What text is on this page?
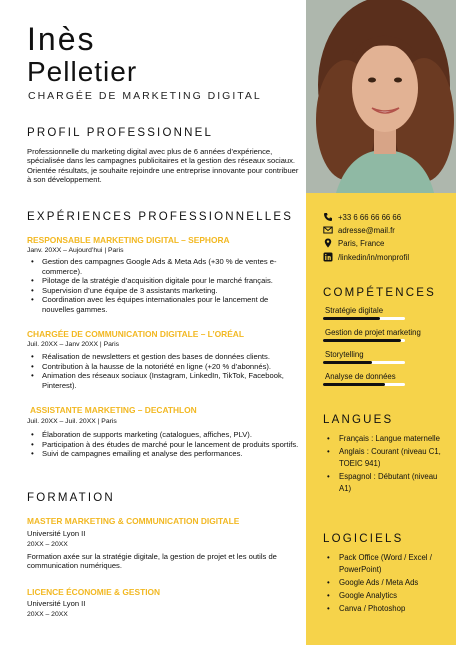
Inès
Pelletier
CHARGÉE DE MARKETING DIGITAL
PROFIL PROFESSIONNEL
Professionnelle du marketing digital avec plus de 6 années d’expérience, spécialisée dans les campagnes publicitaires et la gestion des réseaux sociaux. Orientée résultats, je souhaite rejoindre une entreprise innovante pour contribuer à son développement.
EXPÉRIENCES PROFESSIONNELLES
RESPONSABLE MARKETING DIGITAL – SEPHORA
Janv. 20XX – Aujourd’hui | Paris
• Gestion des campagnes Google Ads & Meta Ads (+30 % de ventes e-commerce).
• Pilotage de la stratégie d’acquisition digitale pour le marché français.
• Supervision d’une équipe de 3 assistants marketing.
• Coordination avec les équipes internationales pour le lancement de nouvelles gammes.
CHARGÉE DE COMMUNICATION DIGITALE – L’ORÉAL
Juil. 20XX – Janv 20XX | Paris
• Réalisation de newsletters et gestion des bases de données clients.
• Contribution à la hausse de la notoriété en ligne (+20 % d’abonnés).
• Animation des réseaux sociaux (Instagram, LinkedIn, TikTok, Facebook, Pinterest).
ASSISTANTE MARKETING – DECATHLON
Juil. 20XX – Juil. 20XX | Paris
• Élaboration de supports marketing (catalogues, affiches, PLV).
• Participation à des études de marché pour le lancement de produits sportifs.
• Suivi de campagnes emailing et analyse des performances.
FORMATION
MASTER MARKETING & COMMUNICATION DIGITALE
Université Lyon II
20XX – 20XX
Formation axée sur la stratégie digitale, la gestion de projet et les outils de communication numériques.
LICENCE ÉCONOMIE & GESTION
Université Lyon II
20XX – 20XX
+33 6 66 66 66 66
adresse@mail.fr
Paris, France
/linkedin/in/monprofil
COMPÉTENCES
Stratégie digitale
Gestion de projet marketing
Storytelling
Analyse de données
LANGUES
• Français : Langue maternelle
• Anglais : Courant (niveau C1, TOEIC 941)
• Espagnol : Débutant (niveau A1)
LOGICIELS
• Pack Office (Word / Excel / PowerPoint)
• Google Ads / Meta Ads
• Google Analytics
• Canva / Photoshop
